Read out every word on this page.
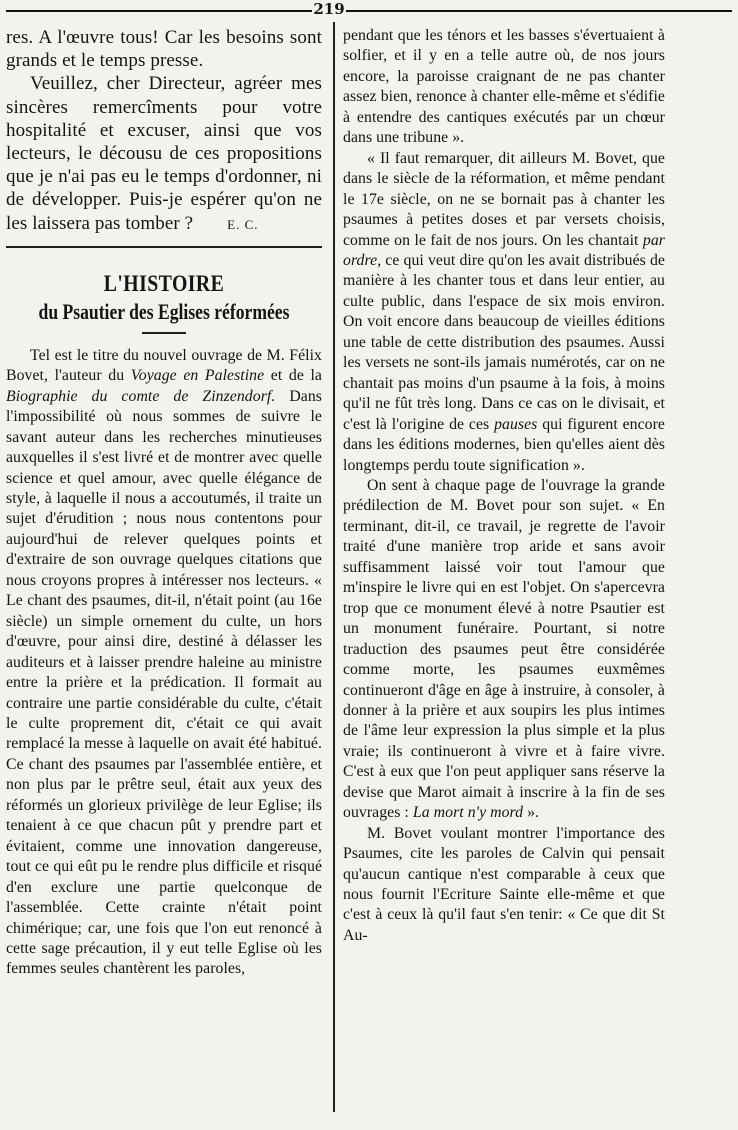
219

res. A l'œuvre tous! Car les besoins sont grands et le temps presse.

Veuillez, cher Directeur, agréer mes sincères remercîments pour votre hospitalité et excuser, ainsi que vos lecteurs, le décousu de ces propositions que je n'ai pas eu le temps d'ordonner, ni de développer. Puis-je espérer qu'on ne les laissera pas tomber ?	E. C.

L'HISTOIRE
du Psautier des Eglises réformées

Tel est le titre du nouvel ouvrage de M. Félix Bovet, l'auteur du Voyage en Palestine et de la Biographie du comte de Zinzendorf. Dans l'impossibilité où nous sommes de suivre le savant auteur dans les recherches minutieuses auxquelles il s'est livré et de montrer avec quelle science et quel amour, avec quelle élégance de style, à laquelle il nous a accoutumés, il traite un sujet d'érudition ; nous nous contentons pour aujourd'hui de relever quelques points et d'extraire de son ouvrage quelques citations que nous croyons propres à intéresser nos lecteurs. « Le chant des psaumes, dit-il, n'était point (au 16e siècle) un simple ornement du culte, un hors d'œuvre, pour ainsi dire, destiné à délasser les auditeurs et à laisser prendre haleine au ministre entre la prière et la prédication. Il formait au contraire une partie considérable du culte, c'était le culte proprement dit, c'était ce qui avait remplacé la messe à laquelle on avait été habitué. Ce chant des psaumes par l'assemblée entière, et non plus par le prêtre seul, était aux yeux des réformés un glorieux privilège de leur Eglise; ils tenaient à ce que chacun pût y prendre part et évitaient, comme une innovation dangereuse, tout ce qui eût pu le rendre plus difficile et risqué d'en exclure une partie quelconque de l'assemblée. Cette crainte n'était point chimérique; car, une fois que l'on eut renoncé à cette sage précaution, il y eut telle Eglise où les femmes seules chantèrent les paroles,

pendant que les ténors et les basses s'évertuaient à solfier, et il y en a telle autre où, de nos jours encore, la paroisse craignant de ne pas chanter assez bien, renonce à chanter elle-même et s'édifie à entendre des cantiques exécutés par un chœur dans une tribune ».

« Il faut remarquer, dit ailleurs M. Bovet, que dans le siècle de la réformation, et même pendant le 17e siècle, on ne se bornait pas à chanter les psaumes à petites doses et par versets choisis, comme on le fait de nos jours. On les chantait par ordre, ce qui veut dire qu'on les avait distribués de manière à les chanter tous et dans leur entier, au culte public, dans l'espace de six mois environ. On voit encore dans beaucoup de vieilles éditions une table de cette distribution des psaumes. Aussi les versets ne sont-ils jamais numérotés, car on ne chantait pas moins d'un psaume à la fois, à moins qu'il ne fût très long. Dans ce cas on le divisait, et c'est là l'origine de ces pauses qui figurent encore dans les éditions modernes, bien qu'elles aient dès longtemps perdu toute signification ».

On sent à chaque page de l'ouvrage la grande prédilection de M. Bovet pour son sujet. « En terminant, dit-il, ce travail, je regrette de l'avoir traité d'une manière trop aride et sans avoir suffisamment laissé voir tout l'amour que m'inspire le livre qui en est l'objet. On s'apercevra trop que ce monument élevé à notre Psautier est un monument funéraire. Pourtant, si notre traduction des psaumes peut être considérée comme morte, les psaumes euxmêmes continueront d'âge en âge à instruire, à consoler, à donner à la prière et aux soupirs les plus intimes de l'âme leur expression la plus simple et la plus vraie; ils continueront à vivre et à faire vivre. C'est à eux que l'on peut appliquer sans réserve la devise que Marot aimait à inscrire à la fin de ses ouvrages : La mort n'y mord ».

M. Bovet voulant montrer l'importance des Psaumes, cite les paroles de Calvin qui pensait qu'aucun cantique n'est comparable à ceux que nous fournit l'Ecriture Sainte elle-même et que c'est à ceux là qu'il faut s'en tenir: « Ce que dit St Au-
